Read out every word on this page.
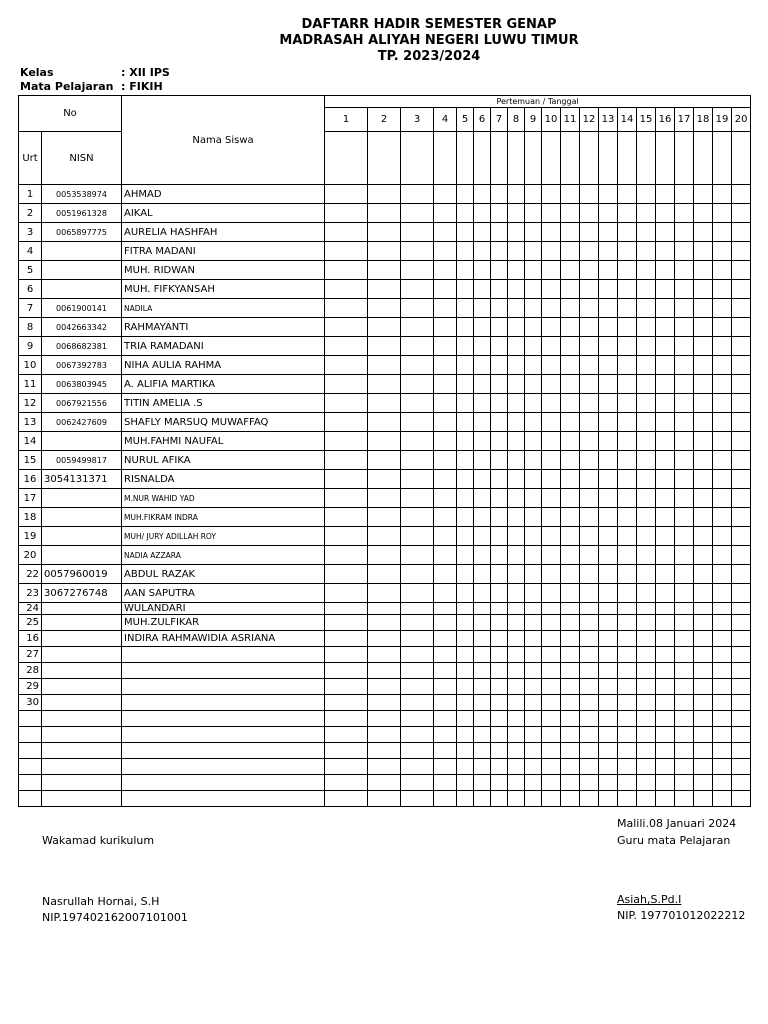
DAFTARR HADIR SEMESTER GENAP
MADRASAH ALIYAH NEGERI LUWU TIMUR
TP. 2023/2024
Kelas	: XII IPS
Mata Pelajaran : FIKIH
No		Nama Siswa	Pertemuan / Tanggal																			
			1	2	3	4	5	6	7	8	9	10	11	12	13	14	15	16	17	18	19	20
Urt	NISN																					
1	0053538974	AHMAD																				
2	0051961328	AIKAL																				
3	0065897775	AURELIA HASHFAH																				
4		FITRA MADANI																				
5		MUH. RIDWAN																				
6		MUH. FIFKYANSAH																				
7	0061900141	NADILA																				
8	0042663342	RAHMAYANTI																				
9	0068682381	TRIA RAMADANI																				
10	0067392783	NIHA AULIA RAHMA																				
11	0063803945	A. ALIFIA MARTIKA																				
12	0067921556	TITIN AMELIA .S																				
13	0062427609	SHAFLY MARSUQ MUWAFFAQ																				
14		MUH.FAHMI NAUFAL																				
15	0059499817	NURUL AFIKA																				
16	3054131371	RISNALDA																				
17		M.NUR WAHID YAD																				
18		MUH.FIKRAM INDRA																				
19		MUH/ JURY ADILLAH ROY																				
20		NADIA AZZARA																				
22	0057960019	ABDUL RAZAK																				
23	3067276748	AAN SAPUTRA																				
24		WULANDARI																				
25		MUH.ZULFIKAR																				
16		INDIRA RAHMAWIDIA ASRIANA																				
27																						
28																						
29																						
30																						

Malili.08 Januari 2024
Wakamad kurikulum	Guru mata Pelajaran
Nasrullah Hornai, S.H
NIP.197402162007101001
Asiah,S.Pd.I
NIP. 197701012022212
